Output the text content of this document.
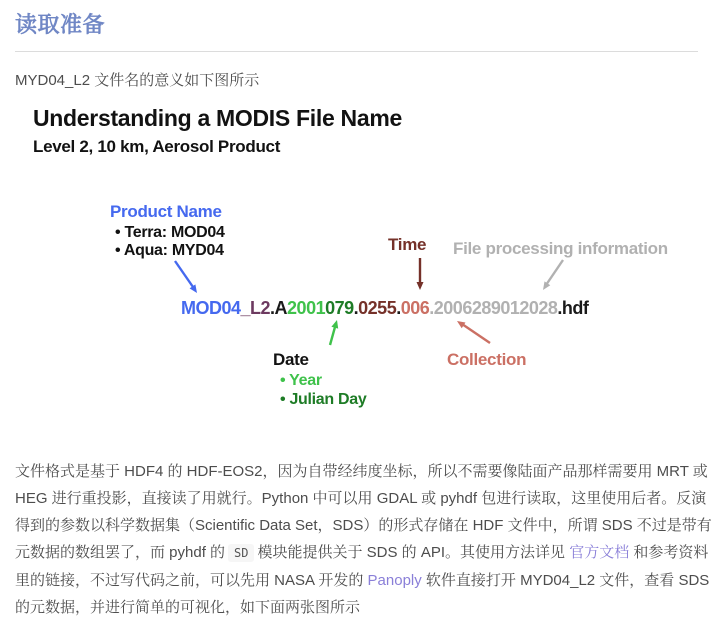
读取准备

MYD04_L2 文件名的意义如下图所示

Understanding a MODIS File Name
Level 2, 10 km, Aerosol Product
Product Name
• Terra: MOD04
• Aqua: MYD04	Time File processing information
MOD04_L2.A2001079.0255.006.2006289012028.hdf
Date
• Year
• Julian Day
Collection

文件格式是基于 HDF4 的 HDF-EOS2，因为自带经纬度坐标，所以不需要像陆面产品那样需要用 MRT 或 HEG 进行重投影，直接读了用就行。Python 中可以用 GDAL 或 pyhdf 包进行读取，这里使用后者。反演得到的参数以科学数据集（Scientific Data Set，SDS）的形式存储在 HDF 文件中，所谓 SDS 不过是带有元数据的数组罢了，而 pyhdf 的 SD 模块能提供关于 SDS 的 API。其使用方法详见 官方文档 和参考资料里的链接，不过写代码之前，可以先用 NASA 开发的 Panoply 软件直接打开 MYD04_L2 文件，查看 SDS 的元数据，并进行简单的可视化，如下面两张图所示
